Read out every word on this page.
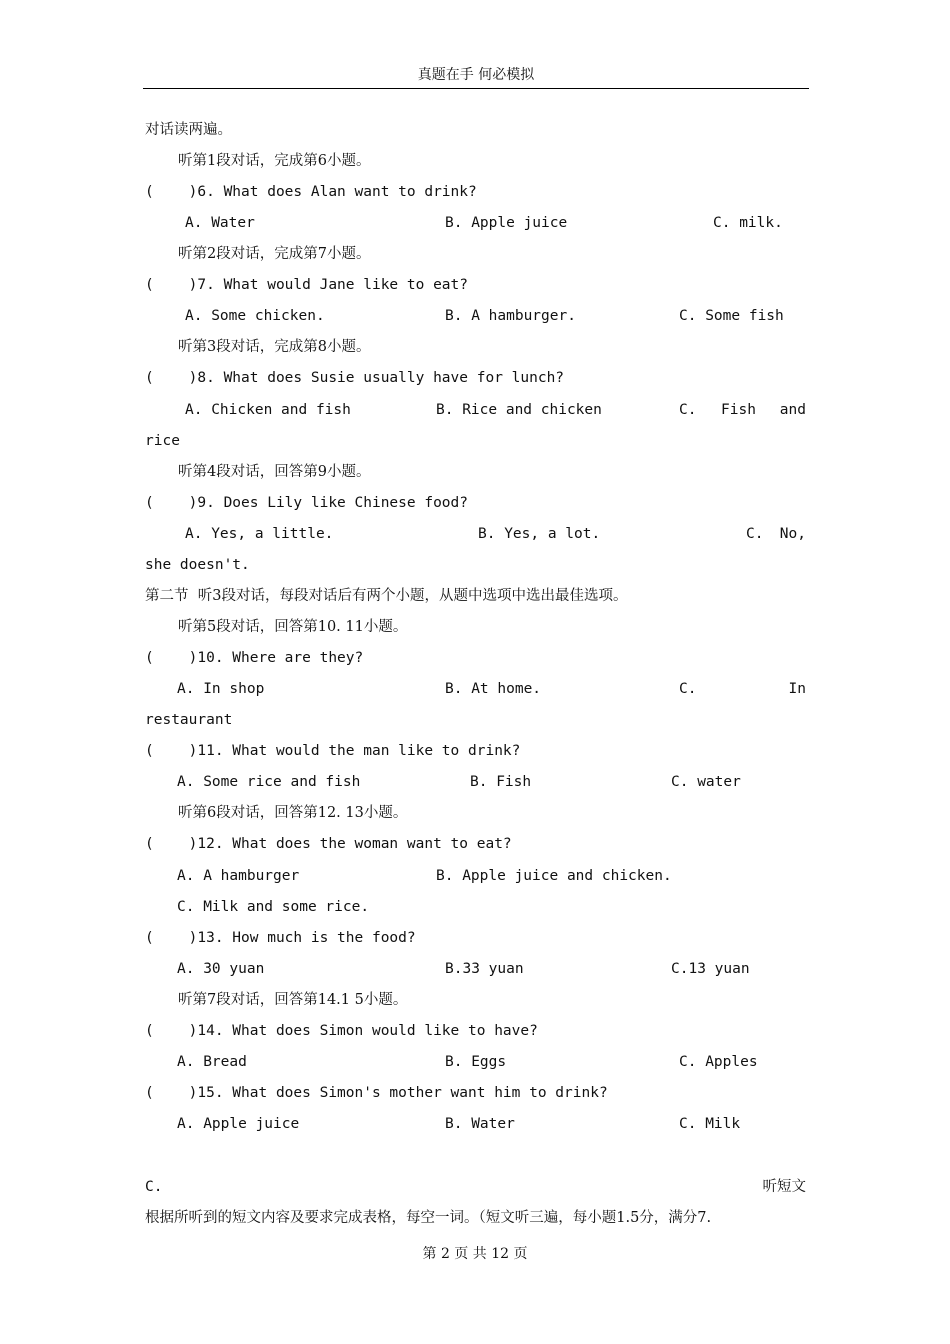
真题在手 何必模拟
对话读两遍。
听第1段对话，完成第6小题。
(    )6. What does Alan want to drink?
A. Water	B. Apple juice	C. milk.
听第2段对话，完成第7小题。
(    )7. What would Jane like to eat?
A. Some chicken.	B. A hamburger.	C. Some fish
听第3段对话，完成第8小题。
(    )8. What does Susie usually have for lunch?
A. Chicken and fish	B. Rice and chicken	C. Fish	and
rice
听第4段对话，回答第9小题。
(    )9. Does Lily like Chinese food?
A. Yes, a little.	B. Yes, a lot.	C.	No,
she doesn't.
第二节  听3段对话，每段对话后有两个小题，从题中选项中选出最佳选项。
听第5段对话，回答第10. 11小题。
(    )10. Where are they?
A. In shop	B. At home.	C.	In
restaurant
(    )11. What would the man like to drink?
A. Some rice and fish	B. Fish	C. water
听第6段对话，回答第12. 13小题。
(    )12. What does the woman want to eat?
A. A hamburger	B. Apple juice and chicken.
C. Milk and some rice.
(    )13. How much is the food?
A. 30 yuan	B.33 yuan	C.13 yuan
听第7段对话，回答第14.1 5小题。
(    )14. What does Simon would like to have?
A. Bread	B. Eggs	C. Apples
(    )15. What does Simon's mother want him to drink?
A. Apple juice	B. Water	C. Milk
C.	听短文
根据所听到的短文内容及要求完成表格，每空一词。（短文听三遍，每小题1.5分，满分7.
第 2 页 共 12 页
